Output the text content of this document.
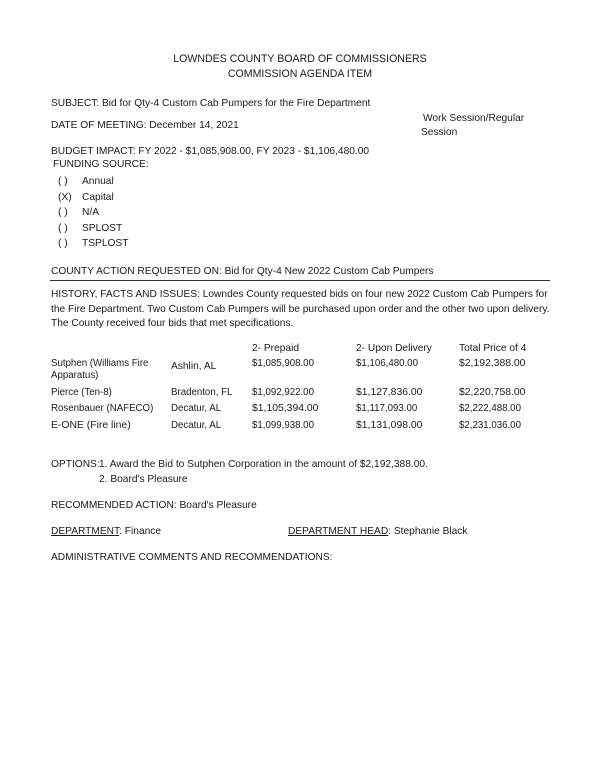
LOWNDES COUNTY BOARD OF COMMISSIONERS
COMMISSION AGENDA ITEM
SUBJECT: Bid for Qty-4 Custom Cab Pumpers for the Fire Department
DATE OF MEETING: December 14, 2021
Work Session/Regular
Session
BUDGET IMPACT: FY 2022 - $1,085,908.00, FY 2023 - $1,106,480.00
FUNDING SOURCE:
( ) Annual
(X) Capital
( ) N/A
( ) SPLOST
( ) TSPLOST
COUNTY ACTION REQUESTED ON: Bid for Qty-4 New 2022 Custom Cab Pumpers
HISTORY, FACTS AND ISSUES: Lowndes County requested bids on four new 2022 Custom Cab Pumpers for the Fire Department. Two Custom Cab Pumpers will be purchased upon order and the other two upon delivery. The County received four bids that met specifications.
		2- Prepaid	2- Upon Delivery	Total Price of 4
Sutphen (Williams Fire Apparatus)	Ashlin, AL	$1,085,908.00	$1,106,480.00	$2,192,388.00
Pierce (Ten-8)	Bradenton, FL	$1,092,922.00	$1,127,836.00	$2,220,758.00
Rosenbauer (NAFECO)	Decatur, AL	$1,105,394.00	$1,117,093.00	$2,222,488.00
E-ONE (Fire line)	Decatur, AL	$1,099,938.00	$1,131,098.00	$2,231,036.00
OPTIONS: 1. Award the Bid to Sutphen Corporation in the amount of $2,192,388.00.
2. Board's Pleasure
RECOMMENDED ACTION: Board's Pleasure
DEPARTMENT: Finance	DEPARTMENT HEAD: Stephanie Black
ADMINISTRATIVE COMMENTS AND RECOMMENDATIONS:
